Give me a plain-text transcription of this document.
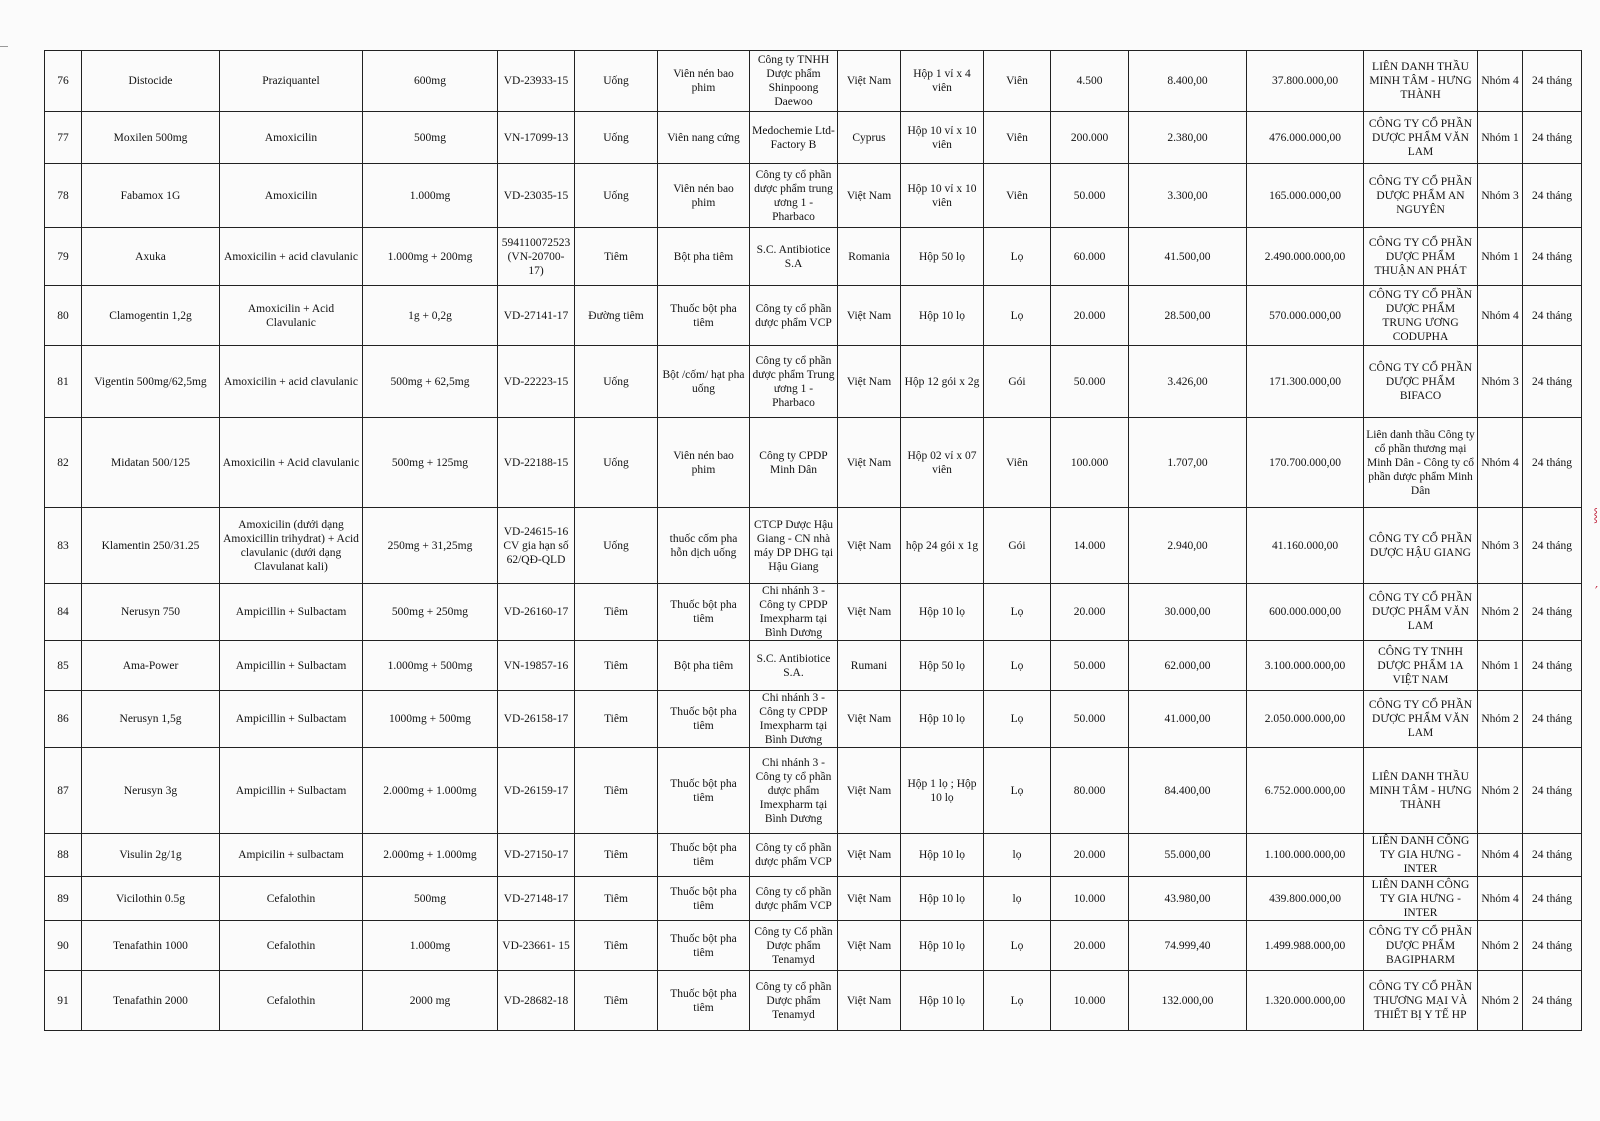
⸾
′
76	Distocide	Praziquantel	600mg	VD-23933-15	Uống	Viên nén bao phim	Công ty TNHH Dược phẩm Shinpoong Daewoo	Việt Nam	Hộp 1 vỉ x 4 viên	Viên	4.500	8.400,00	37.800.000,00	LIÊN DANH THẦU MINH TÂM - HƯNG THÀNH	Nhóm 4	24 tháng
77	Moxilen 500mg	Amoxicilin	500mg	VN-17099-13	Uống	Viên nang cứng	Medochemie Ltd-Factory B	Cyprus	Hộp 10 vỉ x 10 viên	Viên	200.000	2.380,00	476.000.000,00	CÔNG TY CỔ PHẦN DƯỢC PHẨM VĂN LAM	Nhóm 1	24 tháng
78	Fabamox 1G	Amoxicilin	1.000mg	VD-23035-15	Uống	Viên nén bao phim	Công ty cổ phần dược phẩm trung ương 1 - Pharbaco	Việt Nam	Hộp 10 vỉ x 10 viên	Viên	50.000	3.300,00	165.000.000,00	CÔNG TY CỔ PHẦN DƯỢC PHẨM AN NGUYÊN	Nhóm 3	24 tháng
79	Axuka	Amoxicilin + acid clavulanic	1.000mg + 200mg	594110072523 (VN-20700-17)	Tiêm	Bột pha tiêm	S.C. Antibiotice S.A	Romania	Hộp 50 lọ	Lọ	60.000	41.500,00	2.490.000.000,00	CÔNG TY CỔ PHẦN DƯỢC PHẨM THUẬN AN PHÁT	Nhóm 1	24 tháng
80	Clamogentin 1,2g	Amoxicilin + Acid Clavulanic	1g + 0,2g	VD-27141-17	Đường tiêm	Thuốc bột pha tiêm	Công ty cổ phần dược phẩm VCP	Việt Nam	Hộp 10 lọ	Lọ	20.000	28.500,00	570.000.000,00	CÔNG TY CỔ PHẦN DƯỢC PHẨM TRUNG ƯƠNG CODUPHA	Nhóm 4	24 tháng
81	Vigentin 500mg/62,5mg	Amoxicilin + acid clavulanic	500mg + 62,5mg	VD-22223-15	Uống	Bột /cốm/ hạt pha uống	Công ty cổ phần dược phẩm Trung ương 1 - Pharbaco	Việt Nam	Hộp 12 gói x 2g	Gói	50.000	3.426,00	171.300.000,00	CÔNG TY CỔ PHẦN DƯỢC PHẨM BIFACO	Nhóm 3	24 tháng
82	Midatan 500/125	Amoxicilin + Acid clavulanic	500mg + 125mg	VD-22188-15	Uống	Viên nén bao phim	Công ty CPDP Minh Dân	Việt Nam	Hộp 02 vỉ x 07 viên	Viên	100.000	1.707,00	170.700.000,00	Liên danh thầu Công ty cổ phần thương mại Minh Dân - Công ty cổ phần dược phẩm Minh Dân	Nhóm 4	24 tháng
83	Klamentin 250/31.25	Amoxicilin (dưới dạng Amoxicillin trihydrat) + Acid clavulanic (dưới dạng Clavulanat kali)	250mg + 31,25mg	VD-24615-16 CV gia hạn số 62/QĐ-QLD	Uống	thuốc cốm pha hỗn dịch uống	CTCP Dược Hậu Giang - CN nhà máy DP DHG tại Hậu Giang	Việt Nam	hộp 24 gói x 1g	Gói	14.000	2.940,00	41.160.000,00	CÔNG TY CỔ PHẦN DƯỢC HẬU GIANG	Nhóm 3	24 tháng
84	Nerusyn 750	Ampicillin + Sulbactam	500mg + 250mg	VD-26160-17	Tiêm	Thuốc bột pha tiêm	Chi nhánh 3 - Công ty CPDP Imexpharm tại Bình Dương	Việt Nam	Hộp 10 lọ	Lọ	20.000	30.000,00	600.000.000,00	CÔNG TY CỔ PHẦN DƯỢC PHẨM VĂN LAM	Nhóm 2	24 tháng
85	Ama-Power	Ampicillin + Sulbactam	1.000mg + 500mg	VN-19857-16	Tiêm	Bột pha tiêm	S.C. Antibiotice S.A.	Rumani	Hộp 50 lọ	Lọ	50.000	62.000,00	3.100.000.000,00	CÔNG TY TNHH DƯỢC PHẨM 1A VIỆT NAM	Nhóm 1	24 tháng
86	Nerusyn 1,5g	Ampicillin + Sulbactam	1000mg + 500mg	VD-26158-17	Tiêm	Thuốc bột pha tiêm	Chi nhánh 3 - Công ty CPDP Imexpharm tại Bình Dương	Việt Nam	Hộp 10 lọ	Lọ	50.000	41.000,00	2.050.000.000,00	CÔNG TY CỔ PHẦN DƯỢC PHẨM VĂN LAM	Nhóm 2	24 tháng
87	Nerusyn 3g	Ampicillin + Sulbactam	2.000mg + 1.000mg	VD-26159-17	Tiêm	Thuốc bột pha tiêm	Chi nhánh 3 - Công ty cổ phần dược phẩm Imexpharm tại Bình Dương	Việt Nam	Hộp 1 lọ ; Hộp 10 lọ	Lọ	80.000	84.400,00	6.752.000.000,00	LIÊN DANH THẦU MINH TÂM - HƯNG THÀNH	Nhóm 2	24 tháng
88	Visulin 2g/1g	Ampicilin + sulbactam	2.000mg + 1.000mg	VD-27150-17	Tiêm	Thuốc bột pha tiêm	Công ty cổ phần dược phẩm VCP	Việt Nam	Hộp 10 lọ	lọ	20.000	55.000,00	1.100.000.000,00	LIÊN DANH CÔNG TY GIA HƯNG - INTER	Nhóm 4	24 tháng
89	Vicilothin 0.5g	Cefalothin	500mg	VD-27148-17	Tiêm	Thuốc bột pha tiêm	Công ty cổ phần dược phẩm VCP	Việt Nam	Hộp 10 lọ	lọ	10.000	43.980,00	439.800.000,00	LIÊN DANH CÔNG TY GIA HƯNG - INTER	Nhóm 4	24 tháng
90	Tenafathin 1000	Cefalothin	1.000mg	VD-23661- 15	Tiêm	Thuốc bột pha tiêm	Công ty Cổ phần Dược phẩm Tenamyd	Việt Nam	Hộp 10 lọ	Lọ	20.000	74.999,40	1.499.988.000,00	CÔNG TY CỔ PHẦN DƯỢC PHẨM BAGIPHARM	Nhóm 2	24 tháng
91	Tenafathin 2000	Cefalothin	2000 mg	VD-28682-18	Tiêm	Thuốc bột pha tiêm	Công ty cổ phần Dược phẩm Tenamyd	Việt Nam	Hộp 10 lọ	Lọ	10.000	132.000,00	1.320.000.000,00	CÔNG TY CỔ PHẦN THƯƠNG MẠI VÀ THIẾT BỊ Y TẾ HP	Nhóm 2	24 tháng
